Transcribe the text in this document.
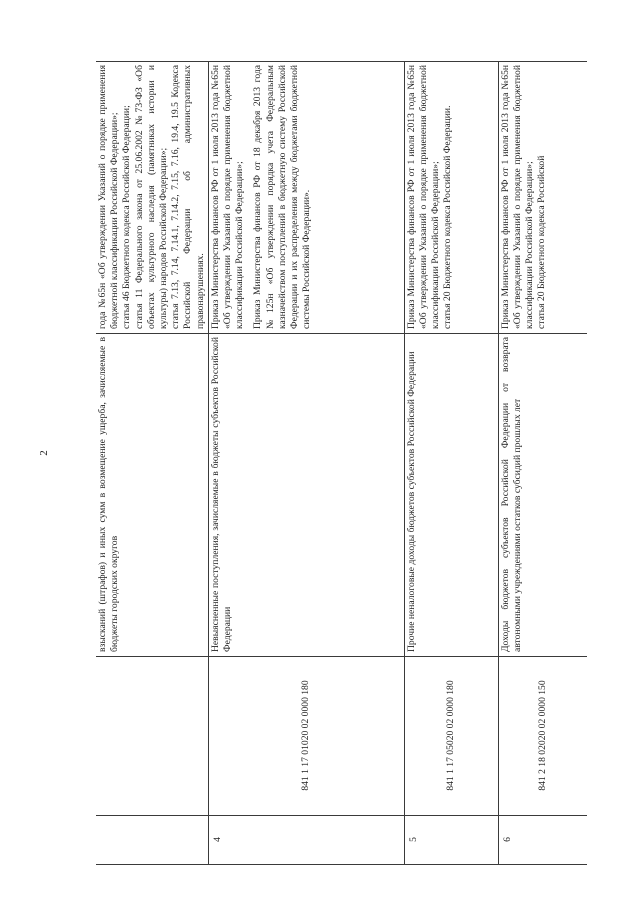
2
			взысканий (штрафов) и иных сумм в возмещение ущерба, зачисляемые в бюджеты городских округов	года №65н «Об утверждении Указаний о порядке применения бюджетной классификации Российской Федерации»; статья 46 Бюджетного кодекса Российской Федерации; статья 11 Федерального закона от 25.06.2002 №73-ФЗ «Об объектах культурного наследия (памятниках истории и культуры) народов Российской Федерации»; статья 7.13, 7.14, 7.14.1, 7.14.2, 7.15, 7.16, 19.4, 19.5 Кодекса Российской Федерации об административных правонарушениях.

4	841 1 17 01020 02 0000 180	Невыясненные поступления, зачисляемые в бюджеты субъектов Российской Федерации	Приказ Министерства финансов РФ от 1 июля 2013 года №65н «Об утверждении Указаний о порядке применения бюджетной классификации Российской Федерации»; Приказ Министерства финансов РФ от 18 декабря 2013 года №125н «Об утверждении порядка учета Федеральным казначейством поступлений в бюджетную систему Российской Федерации и их распределения между бюджетами бюджетной системы Российской Федерации».

5	841 1 17 05020 02 0000 180	Прочие неналоговые доходы бюджетов субъектов Российской Федерации	Приказ Министерства финансов РФ от 1 июля 2013 года №65н «Об утверждении Указаний о порядке применения бюджетной классификации Российской Федерации»; статья 20 Бюджетного кодекса Российской Федерации.

6	841 2 18 02020 02 0000 150	Доходы бюджетов субъектов Российской Федерации от возврата автономными учреждениями остатков субсидий прошлых лет	Приказ Министерства финансов РФ от 1 июля 2013 года №65н «Об утверждении Указаний о порядке применения бюджетной классификации Российской Федерации»; статья 20 Бюджетного кодекса Российской
